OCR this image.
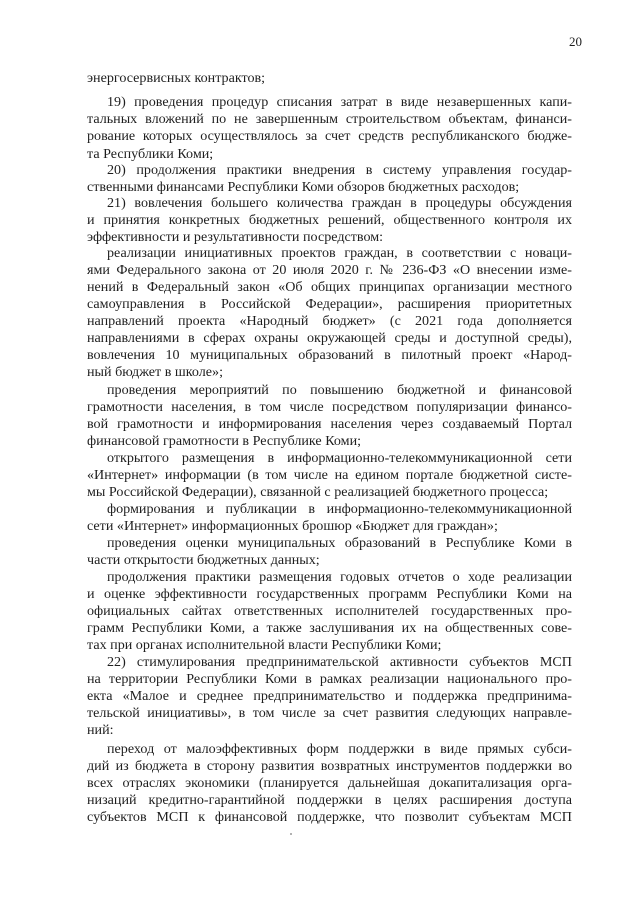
20
энергосервисных контрактов;
19) проведения процедур списания затрат в виде незавершенных капи-
тальных вложений по не завершенным строительством объектам, финанси-
рование которых осуществлялось за счет средств республиканского бюдже-
та Республики Коми;
20) продолжения практики внедрения в систему управления государ-
ственными финансами Республики Коми обзоров бюджетных расходов;
21) вовлечения большего количества граждан в процедуры обсуждения
и принятия конкретных бюджетных решений, общественного контроля их
эффективности и результативности посредством:
реализации инициативных проектов граждан, в соответствии с новаци-
ями Федерального закона от 20 июля 2020 г. № 236-ФЗ «О внесении изме-
нений в Федеральный закон «Об общих принципах организации местного
самоуправления в Российской Федерации», расширения приоритетных
направлений проекта «Народный бюджет» (с 2021 года дополняется
направлениями в сферах охраны окружающей среды и доступной среды),
вовлечения 10 муниципальных образований в пилотный проект «Народ-
ный бюджет в школе»;
проведения мероприятий по повышению бюджетной и финансовой
грамотности населения, в том числе посредством популяризации финансо-
вой грамотности и информирования населения через создаваемый Портал
финансовой грамотности в Республике Коми;
открытого размещения в информационно-телекоммуникационной сети
«Интернет» информации (в том числе на едином портале бюджетной систе-
мы Российской Федерации), связанной с реализацией бюджетного процесса;
формирования и публикации в информационно-телекоммуникационной
сети «Интернет» информационных брошюр «Бюджет для граждан»;
проведения оценки муниципальных образований в Республике Коми в
части открытости бюджетных данных;
продолжения практики размещения годовых отчетов о ходе реализации
и оценке эффективности государственных программ Республики Коми на
официальных сайтах ответственных исполнителей государственных про-
грамм Республики Коми, а также заслушивания их на общественных сове-
тах при органах исполнительной власти Республики Коми;
22) стимулирования предпринимательской активности субъектов МСП
на территории Республики Коми в рамках реализации национального про-
екта «Малое и среднее предпринимательство и поддержка предпринима-
тельской инициативы», в том числе за счет развития следующих направле-
ний:
переход от малоэффективных форм поддержки в виде прямых субси-
дий из бюджета в сторону развития возвратных инструментов поддержки во
всех отраслях экономики (планируется дальнейшая докапитализация орга-
низаций кредитно-гарантийной поддержки в целях расширения доступа
субъектов МСП к финансовой поддержке, что позволит субъектам МСП
